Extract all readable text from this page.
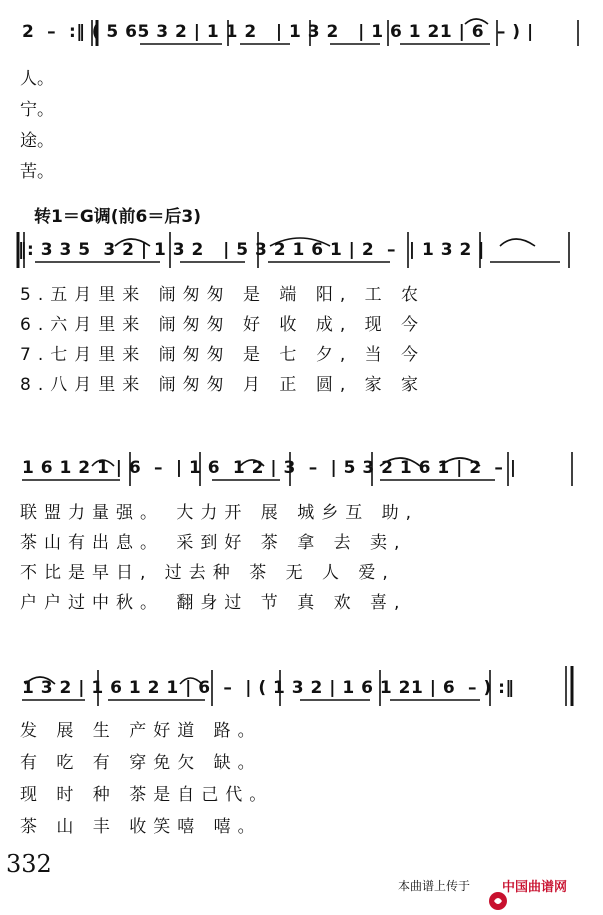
2  –  :‖ ( 5 65 3 2 | 1 1 2   | 1 3 2   | 1 6 1 21 | 6  – ) |
人。
宁。
途。
苦。
转1＝G调(前6＝后3)
‖: 3 3 5  3 2 | 1 3 2   | 5 3 2 1 6 1 | 2  –  | 1 3 2 |
5.五月里来 闹匆匆 是 端 阳, 工 农
6.六月里来 闹匆匆 好 收 成, 现 今
7.七月里来 闹匆匆 是 七 夕, 当 今
8.八月里来 闹匆匆 月 正 圆, 家 家
1 6 1 2 1 | 6  –  | 1 6  1 2 | 3  –  | 5 3 2 1 6 1 | 2  – |
联盟力量强。 大力开 展 城乡互 助,
茶山有出息。 采到好 茶 拿 去 卖,
不比是早日, 过去种 茶 无 人 爱,
户户过中秋。 翻身过 节 真 欢 喜,
1 3 2 | 1 6 1 2 1 | 6  –  | ( 1 3 2 | 1 6 1 21 | 6  – ) :‖
发 展 生 产好道 路。
有 吃 有 穿免欠 缺。
现 时 种 茶是自己代。
茶 山 丰 收笑嘻 嘻。
332
本曲谱上传于

中国曲谱网
